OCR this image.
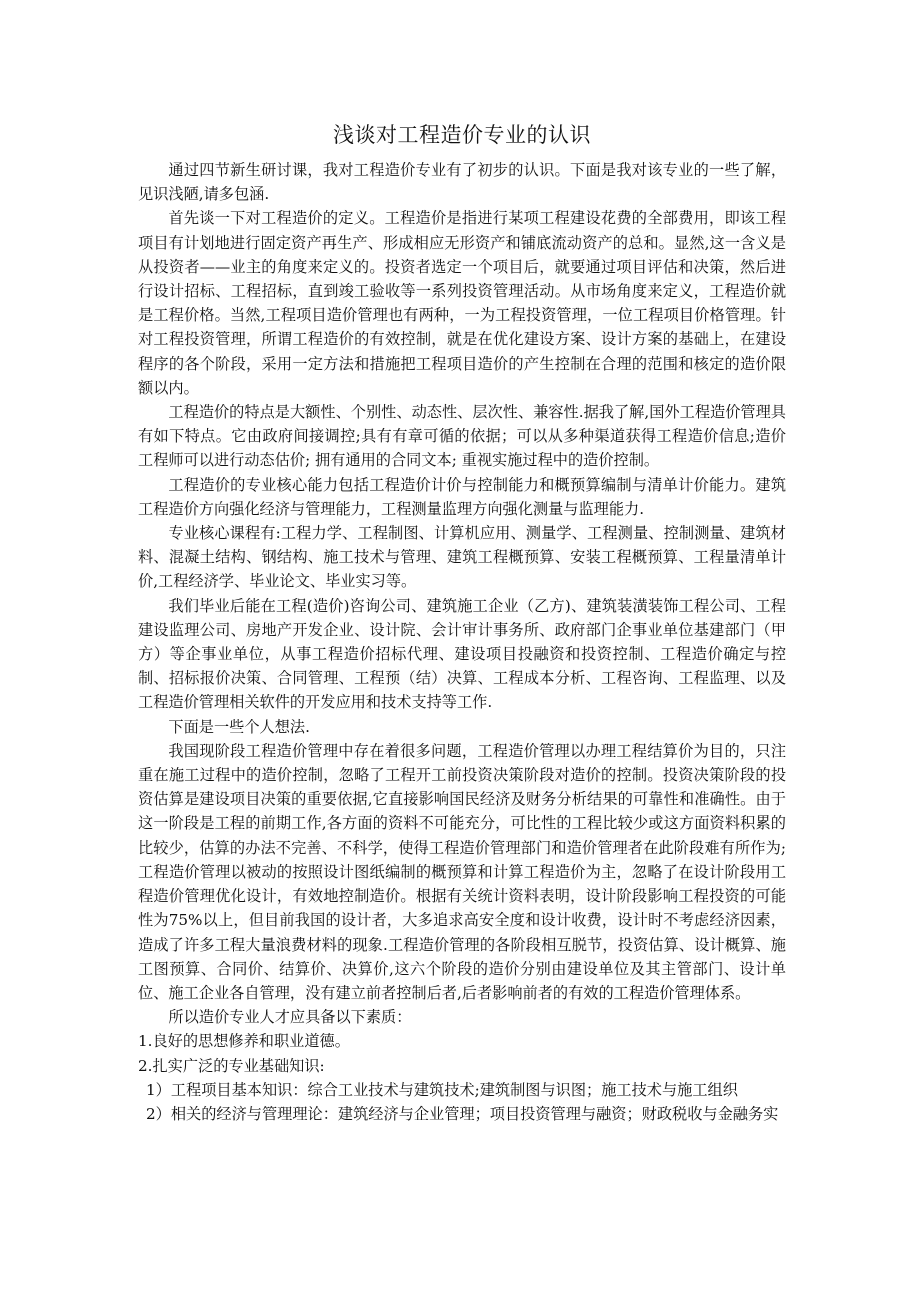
浅谈对工程造价专业的认识

通过四节新生研讨课，我对工程造价专业有了初步的认识。下面是我对该专业的一些了解，见识浅陋,请多包涵.

首先谈一下对工程造价的定义。工程造价是指进行某项工程建设花费的全部费用，即该工程项目有计划地进行固定资产再生产、形成相应无形资产和铺底流动资产的总和。显然,这一含义是从投资者——业主的角度来定义的。投资者选定一个项目后，就要通过项目评估和决策，然后进行设计招标、工程招标，直到竣工验收等一系列投资管理活动。从市场角度来定义，工程造价就是工程价格。当然,工程项目造价管理也有两种，一为工程投资管理，一位工程项目价格管理。针对工程投资管理，所谓工程造价的有效控制，就是在优化建设方案、设计方案的基础上，在建设程序的各个阶段，采用一定方法和措施把工程项目造价的产生控制在合理的范围和核定的造价限额以内。

工程造价的特点是大额性、个别性、动态性、层次性、兼容性.据我了解,国外工程造价管理具有如下特点。它由政府间接调控;具有有章可循的依据；可以从多种渠道获得工程造价信息;造价工程师可以进行动态估价; 拥有通用的合同文本; 重视实施过程中的造价控制。

工程造价的专业核心能力包括工程造价计价与控制能力和概预算编制与清单计价能力。建筑工程造价方向强化经济与管理能力，工程测量监理方向强化测量与监理能力.

专业核心课程有:工程力学、工程制图、计算机应用、测量学、工程测量、控制测量、建筑材料、混凝土结构、钢结构、施工技术与管理、建筑工程概预算、安装工程概预算、工程量清单计价,工程经济学、毕业论文、毕业实习等。

我们毕业后能在工程(造价)咨询公司、建筑施工企业（乙方)、建筑装潢装饰工程公司、工程建设监理公司、房地产开发企业、设计院、会计审计事务所、政府部门企事业单位基建部门（甲方）等企事业单位，从事工程造价招标代理、建设项目投融资和投资控制、工程造价确定与控制、招标报价决策、合同管理、工程预（结）决算、工程成本分析、工程咨询、工程监理、以及工程造价管理相关软件的开发应用和技术支持等工作.

下面是一些个人想法.

我国现阶段工程造价管理中存在着很多问题，工程造价管理以办理工程结算价为目的，只注重在施工过程中的造价控制，忽略了工程开工前投资决策阶段对造价的控制。投资决策阶段的投资估算是建设项目决策的重要依据,它直接影响国民经济及财务分析结果的可靠性和准确性。由于这一阶段是工程的前期工作,各方面的资料不可能充分，可比性的工程比较少或这方面资料积累的比较少，估算的办法不完善、不科学，使得工程造价管理部门和造价管理者在此阶段难有所作为;工程造价管理以被动的按照设计图纸编制的概预算和计算工程造价为主，忽略了在设计阶段用工程造价管理优化设计，有效地控制造价。根据有关统计资料表明，设计阶段影响工程投资的可能性为75%以上，但目前我国的设计者，大多追求高安全度和设计收费，设计时不考虑经济因素，造成了许多工程大量浪费材料的现象.工程造价管理的各阶段相互脱节，投资估算、设计概算、施工图预算、合同价、结算价、决算价,这六个阶段的造价分别由建设单位及其主管部门、设计单位、施工企业各自管理，没有建立前者控制后者,后者影响前者的有效的工程造价管理体系。

所以造价专业人才应具备以下素质：

1.良好的思想修养和职业道德。

2.扎实广泛的专业基础知识:

1）工程项目基本知识：综合工业技术与建筑技术;建筑制图与识图；施工技术与施工组织

2）相关的经济与管理理论：建筑经济与企业管理；项目投资管理与融资；财政税收与金融务实
